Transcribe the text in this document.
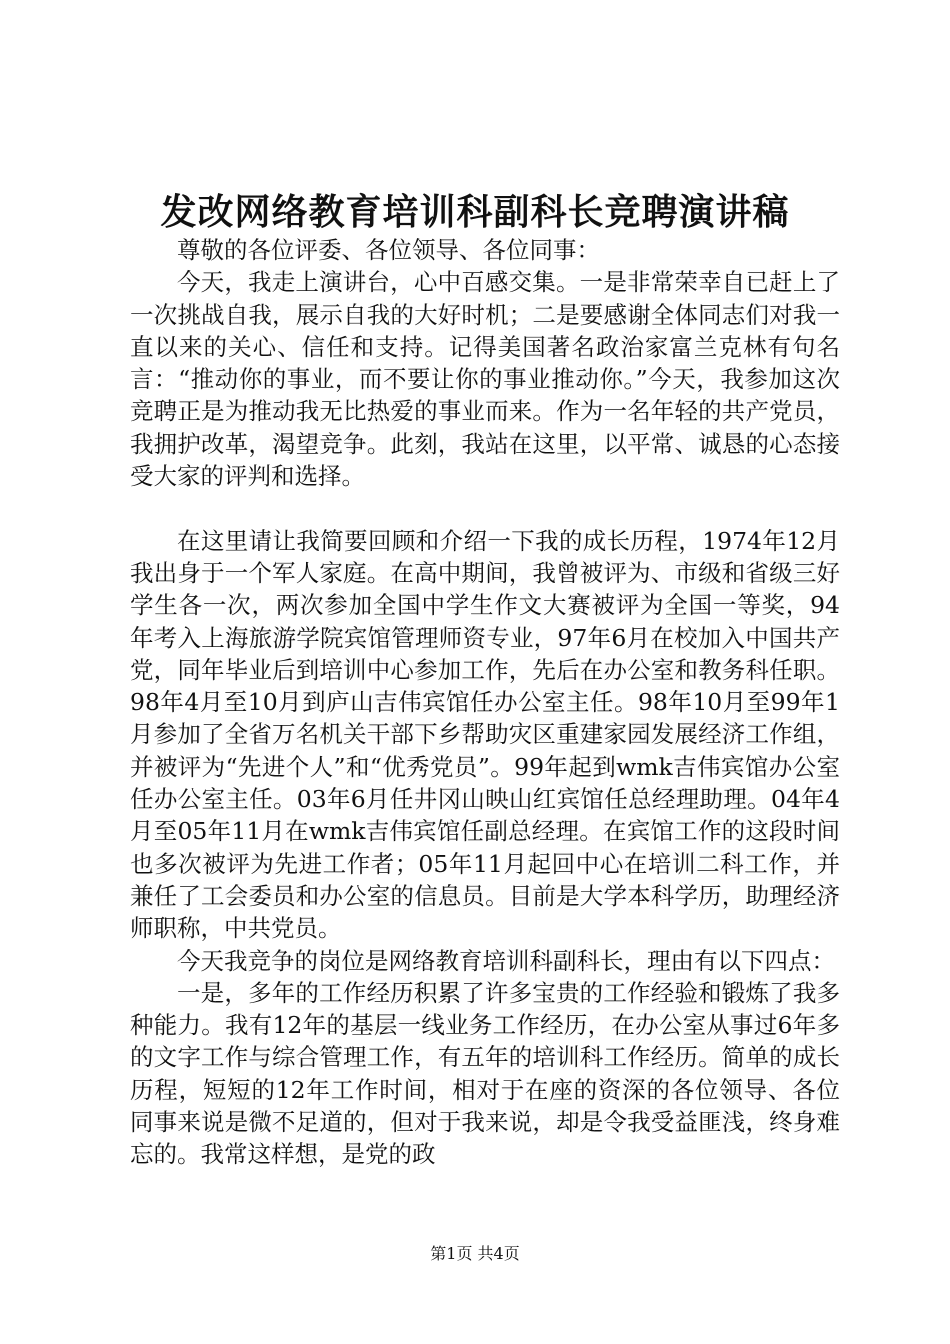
发改网络教育培训科副科长竞聘演讲稿

尊敬的各位评委、各位领导、各位同事：

今天，我走上演讲台，心中百感交集。一是非常荣幸自已赶上了一次挑战自我，展示自我的大好时机；二是要感谢全体同志们对我一直以来的关心、信任和支持。记得美国著名政治家富兰克林有句名言：“推动你的事业，而不要让你的事业推动你。”今天，我参加这次竞聘正是为推动我无比热爱的事业而来。作为一名年轻的共产党员，我拥护改革，渴望竞争。此刻，我站在这里，以平常、诚恳的心态接受大家的评判和选择。

在这里请让我简要回顾和介绍一下我的成长历程，1974年12月我出身于一个军人家庭。在高中期间，我曾被评为、市级和省级三好学生各一次，两次参加全国中学生作文大赛被评为全国一等奖，94年考入上海旅游学院宾馆管理师资专业，97年6月在校加入中国共产党，同年毕业后到培训中心参加工作，先后在办公室和教务科任职。98年4月至10月到庐山吉伟宾馆任办公室主任。98年10月至99年1月参加了全省万名机关干部下乡帮助灾区重建家园发展经济工作组，并被评为“先进个人”和“优秀党员”。99年起到wmk吉伟宾馆办公室任办公室主任。03年6月任井冈山映山红宾馆任总经理助理。04年4月至05年11月在wmk吉伟宾馆任副总经理。在宾馆工作的这段时间也多次被评为先进工作者；05年11月起回中心在培训二科工作，并兼任了工会委员和办公室的信息员。目前是大学本科学历，助理经济师职称，中共党员。

今天我竞争的岗位是网络教育培训科副科长，理由有以下四点：

一是，多年的工作经历积累了许多宝贵的工作经验和锻炼了我多种能力。我有12年的基层一线业务工作经历，在办公室从事过6年多的文字工作与综合管理工作，有五年的培训科工作经历。简单的成长历程，短短的12年工作时间，相对于在座的资深的各位领导、各位同事来说是微不足道的，但对于我来说，却是令我受益匪浅，终身难忘的。我常这样想，是党的政

第1页 共4页
